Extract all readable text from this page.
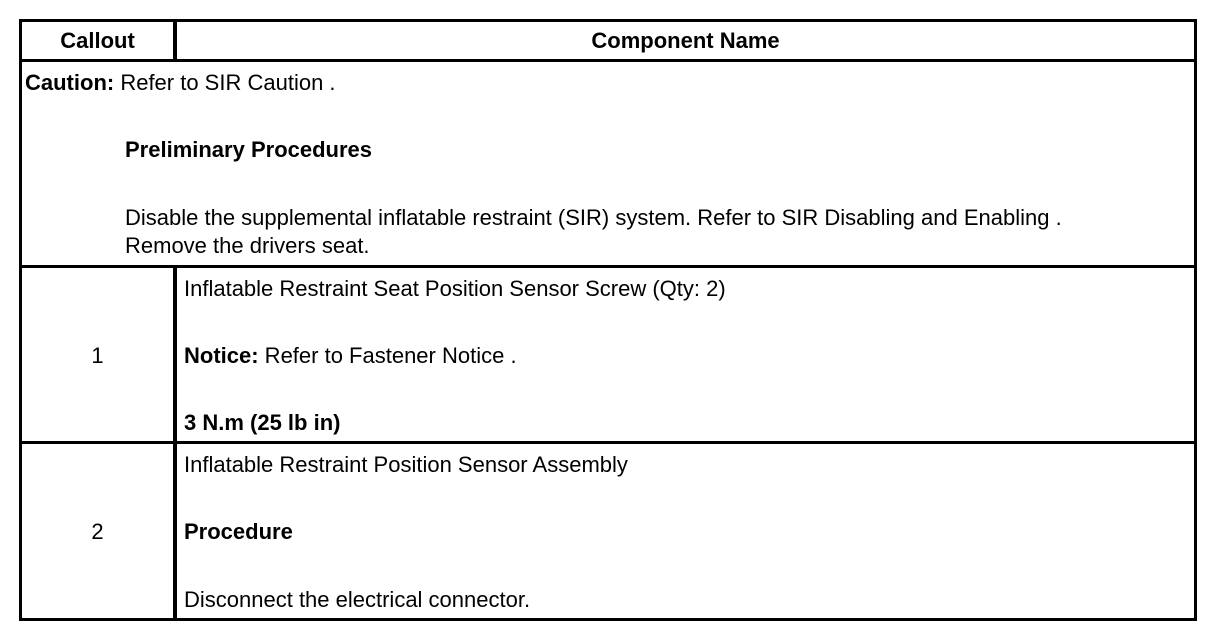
Callout	Component Name
Caution: Refer to SIR Caution .
Preliminary Procedures
Disable the supplemental inflatable restraint (SIR) system. Refer to SIR Disabling and Enabling .
Remove the drivers seat.
1
Inflatable Restraint Seat Position Sensor Screw (Qty: 2)
Notice: Refer to Fastener Notice .
3 N.m (25 lb in)
2
Inflatable Restraint Position Sensor Assembly
Procedure
Disconnect the electrical connector.
